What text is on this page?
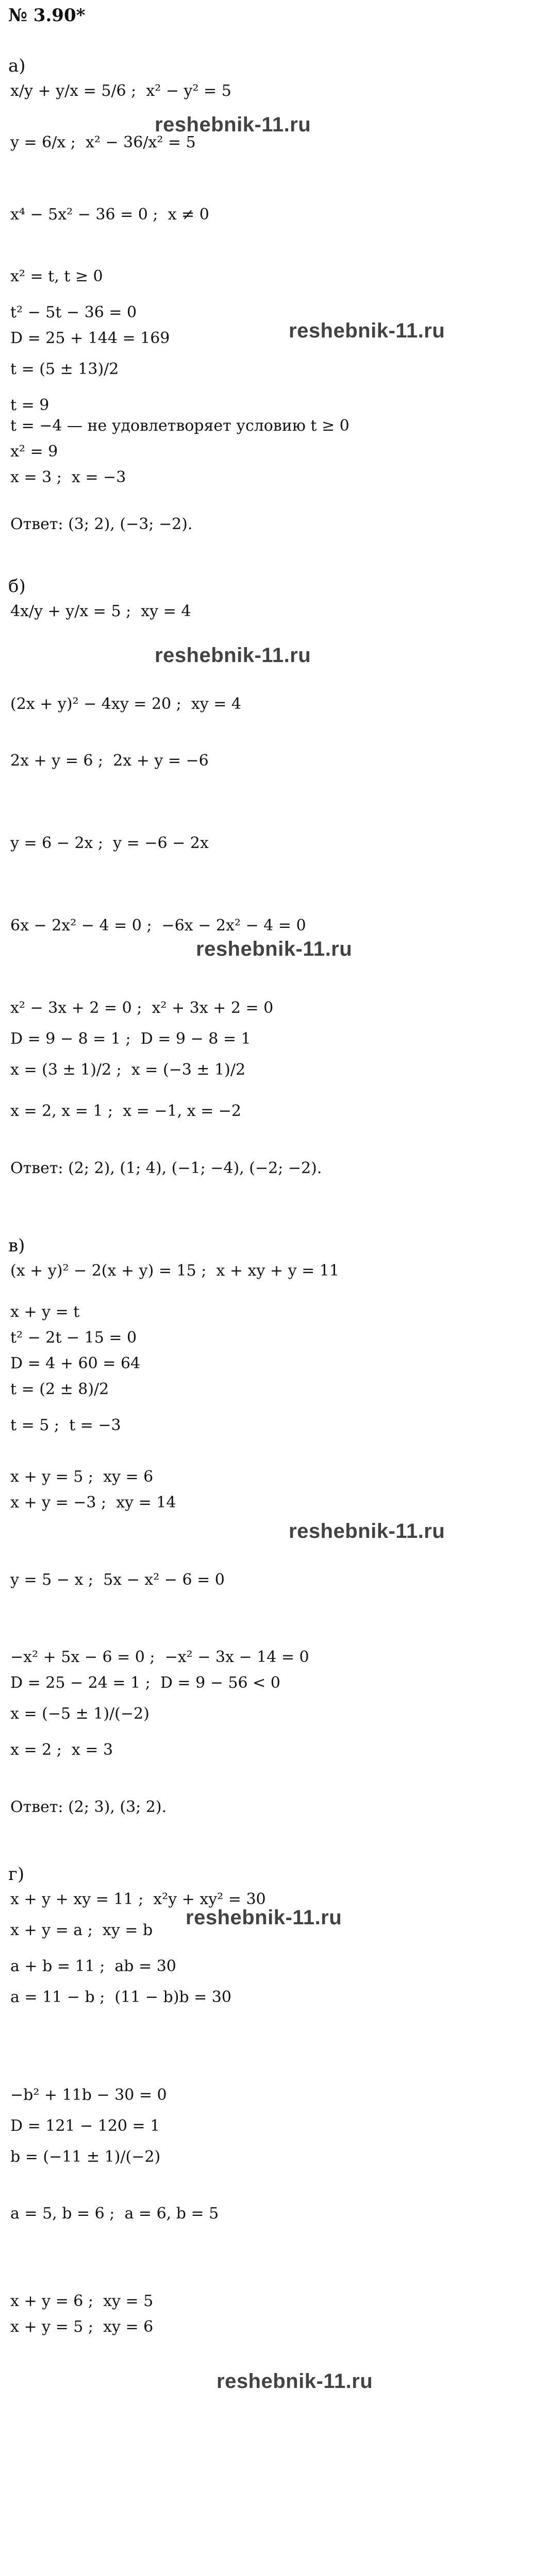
№ 3.90*
а)
x/y + y/x = 5/6 ;  x² − y² = 5
y = 6/x ;  x² − 36/x² = 5
x⁴ − 5x² − 36 = 0 ;  x ≠ 0
x² = t, t ≥ 0
t² − 5t − 36 = 0
D = 25 + 144 = 169
t = (5 ± 13)/2
t = 9
t = −4 — не удовлетворяет условию t ≥ 0
x² = 9
x = 3 ;  x = −3
Ответ: (3; 2), (−3; −2).
б)
4x/y + y/x = 5 ;  xy = 4
(2x + y)² − 4xy = 20 ;  xy = 4
2x + y = 6 ;  2x + y = −6
y = 6 − 2x ;  y = −6 − 2x
6x − 2x² − 4 = 0 ;  −6x − 2x² − 4 = 0
x² − 3x + 2 = 0 ;  x² + 3x + 2 = 0
D = 9 − 8 = 1 ;  D = 9 − 8 = 1
x = (3 ± 1)/2 ;  x = (−3 ± 1)/2
x = 2, x = 1 ;  x = −1, x = −2
Ответ: (2; 2), (1; 4), (−1; −4), (−2; −2).
в)
(x + y)² − 2(x + y) = 15 ;  x + xy + y = 11
x + y = t
t² − 2t − 15 = 0
D = 4 + 60 = 64
t = (2 ± 8)/2
t = 5 ;  t = −3
x + y = 5 ;  xy = 6
x + y = −3 ;  xy = 14
y = 5 − x ;  5x − x² − 6 = 0
−x² + 5x − 6 = 0 ;  −x² − 3x − 14 = 0
D = 25 − 24 = 1 ;  D = 9 − 56 < 0
x = (−5 ± 1)/(−2)
x = 2 ;  x = 3
Ответ: (2; 3), (3; 2).
г)
x + y + xy = 11 ;  x²y + xy² = 30
x + y = a ;  xy = b
a + b = 11 ;  ab = 30
a = 11 − b ;  (11 − b)b = 30
−b² + 11b − 30 = 0
D = 121 − 120 = 1
b = (−11 ± 1)/(−2)
a = 5, b = 6 ;  a = 6, b = 5
x + y = 6 ;  xy = 5
x + y = 5 ;  xy = 6
reshebnik-11.ru
reshebnik-11.ru
reshebnik-11.ru
reshebnik-11.ru
reshebnik-11.ru
reshebnik-11.ru
reshebnik-11.ru
